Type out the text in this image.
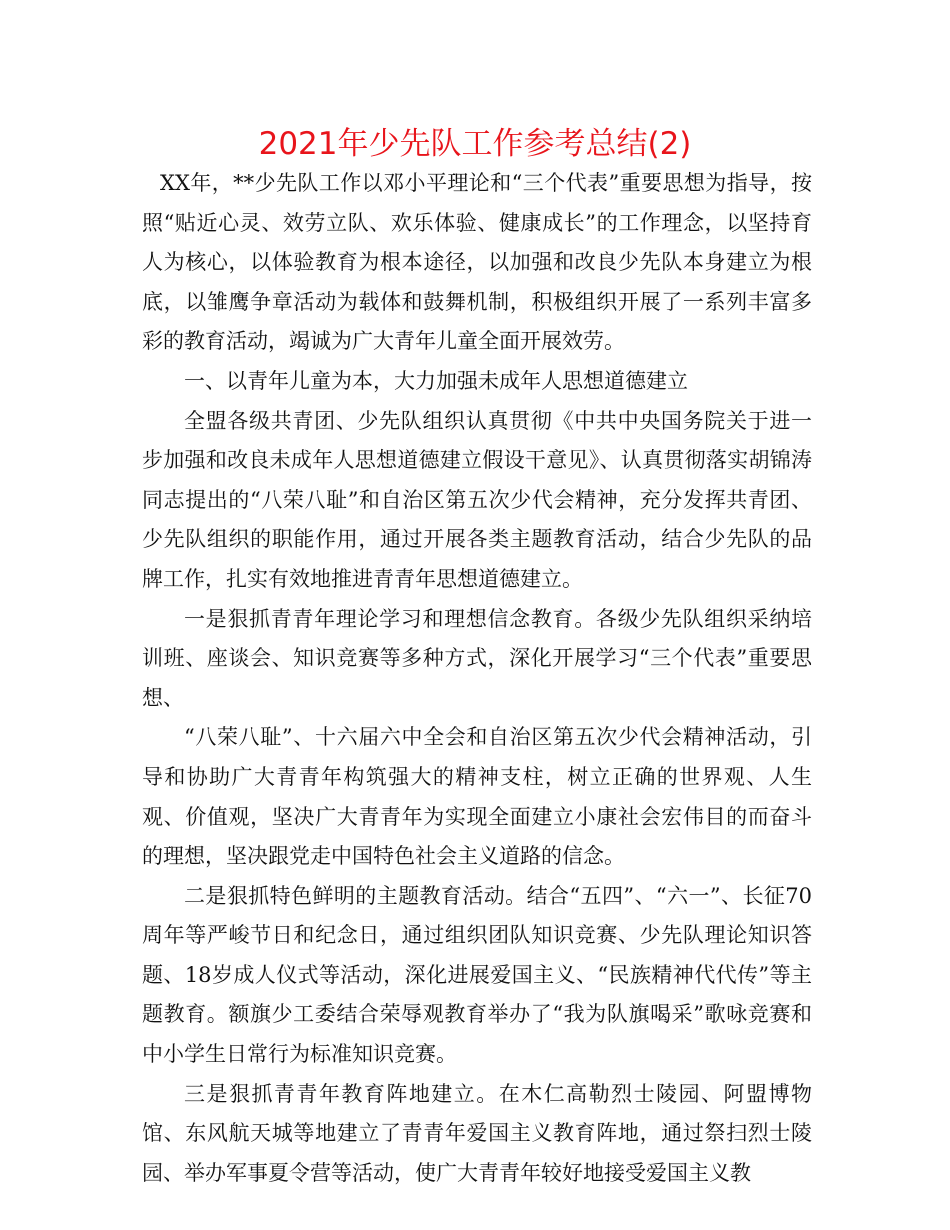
2021年少先队工作参考总结(2)

XX年，**少先队工作以邓小平理论和“三个代表”重要思想为指导，按照“贴近心灵、效劳立队、欢乐体验、健康成长”的工作理念，以坚持育人为核心，以体验教育为根本途径，以加强和改良少先队本身建立为根底，以雏鹰争章活动为载体和鼓舞机制，积极组织开展了一系列丰富多彩的教育活动，竭诚为广大青年儿童全面开展效劳。

一、以青年儿童为本，大力加强未成年人思想道德建立

全盟各级共青团、少先队组织认真贯彻《中共中央国务院关于进一步加强和改良未成年人思想道德建立假设干意见》、认真贯彻落实胡锦涛同志提出的“八荣八耻”和自治区第五次少代会精神，充分发挥共青团、少先队组织的职能作用，通过开展各类主题教育活动，结合少先队的品牌工作，扎实有效地推进青青年思想道德建立。

一是狠抓青青年理论学习和理想信念教育。各级少先队组织采纳培训班、座谈会、知识竞赛等多种方式，深化开展学习“三个代表”重要思想、

“八荣八耻”、十六届六中全会和自治区第五次少代会精神活动，引导和协助广大青青年构筑强大的精神支柱，树立正确的世界观、人生观、价值观，坚决广大青青年为实现全面建立小康社会宏伟目的而奋斗的理想，坚决跟党走中国特色社会主义道路的信念。

二是狠抓特色鲜明的主题教育活动。结合“五四”、“六一”、长征70周年等严峻节日和纪念日，通过组织团队知识竞赛、少先队理论知识答题、18岁成人仪式等活动，深化进展爱国主义、“民族精神代代传”等主题教育。额旗少工委结合荣辱观教育举办了“我为队旗喝采”歌咏竞赛和中小学生日常行为标准知识竞赛。

三是狠抓青青年教育阵地建立。在木仁高勒烈士陵园、阿盟博物馆、东风航天城等地建立了青青年爱国主义教育阵地，通过祭扫烈士陵园、举办军事夏令营等活动，使广大青青年较好地接受爱国主义教
